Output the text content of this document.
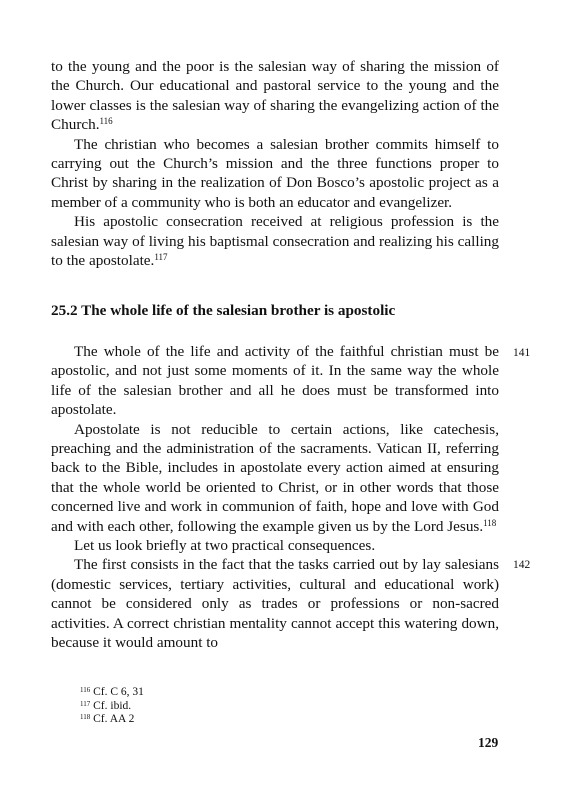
to the young and the poor is the salesian way of sharing the mission of the Church. Our educational and pastoral service to the young and the lower classes is the salesian way of sharing the evangelizing action of the Church.$^{116}$

The christian who becomes a salesian brother commits himself to carrying out the Church’s mission and the three functions proper to Christ by sharing in the realization of Don Bosco’s apostolic project as a member of a community who is both an educator and evangelizer.

His apostolic consecration received at religious profession is the salesian way of living his baptismal consecration and realizing his calling to the apostolate.$^{117}$

25.2 The whole life of the salesian brother is apostolic

The whole of the life and activity of the faithful christian must be apostolic, and not just some moments of it. In the same way the whole life of the salesian brother and all he does must be transformed into apostolate.

Apostolate is not reducible to certain actions, like catechesis, preaching and the administration of the sacraments. Vatican II, referring back to the Bible, includes in apostolate every action aimed at ensuring that the whole world be oriented to Christ, or in other words that those concerned live and work in communion of faith, hope and love with God and with each other, following the example given us by the Lord Jesus.$^{118}$

Let us look briefly at two practical consequences.

The first consists in the fact that the tasks carried out by lay salesians (domestic services, tertiary activities, cultural and educational work) cannot be considered only as trades or professions or non-sacred activities. A correct christian mentality cannot accept this watering down, because it would amount to

141
142

$^{116}$ Cf. C 6, 31

$^{117}$ Cf. ibid.

$^{118}$ Cf. AA 2

129
